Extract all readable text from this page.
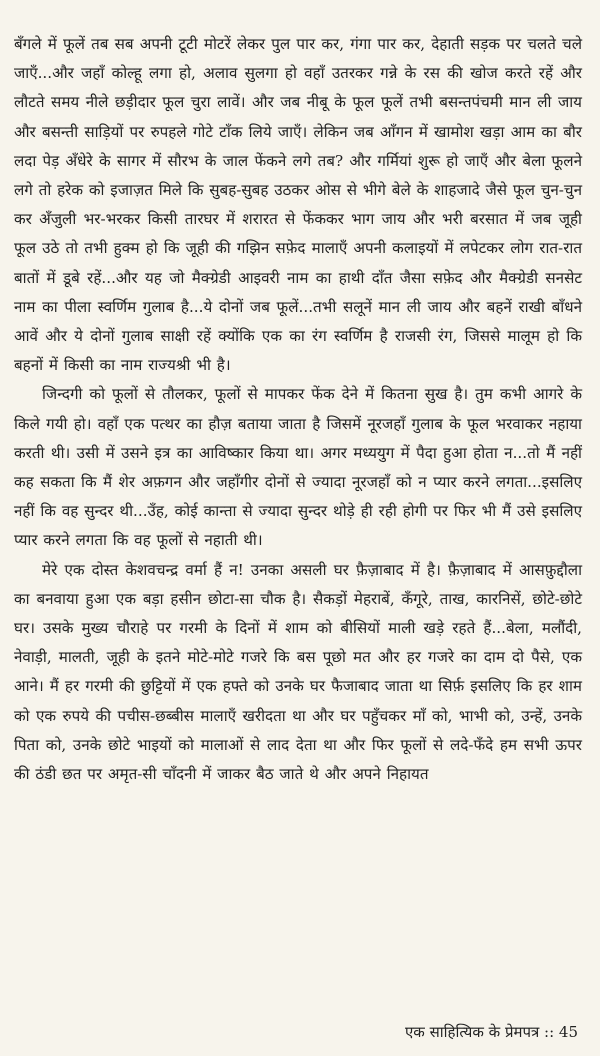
बँगले में फूलें तब सब अपनी टूटी मोटरें लेकर पुल पार कर, गंगा पार कर, देहाती सड़क पर चलते चले जाएँ...और जहाँ कोल्हू लगा हो, अलाव सुलगा हो वहाँ उतरकर गन्ने के रस की खोज करते रहें और लौटते समय नीले छड़ीदार फूल चुरा लावें। और जब नीबू के फूल फूलें तभी बसन्तपंचमी मान ली जाय और बसन्ती साड़ियों पर रुपहले गोटे टाँक लिये जाएँ। लेकिन जब आँगन में खामोश खड़ा आम का बौर लदा पेड़ अँधेरे के सागर में सौरभ के जाल फेंकने लगे तब? और गर्मियां शुरू हो जाएँ और बेला फूलने लगे तो हरेक को इजाज़त मिले कि सुबह-सुबह उठकर ओस से भीगे बेले के शाहजादे जैसे फूल चुन-चुन कर अँजुली भर-भरकर किसी तारघर में शरारत से फेंककर भाग जाय और भरी बरसात में जब जूही फूल उठे तो तभी हुक्म हो कि जूही की गझिन सफ़ेद मालाएँ अपनी कलाइयों में लपेटकर लोग रात-रात बातों में डूबे रहें...और यह जो मैक्ग्रेडी आइवरी नाम का हाथी दाँत जैसा सफ़ेद और मैक्ग्रेडी सनसेट नाम का पीला स्वर्णिम गुलाब है...ये दोनों जब फूलें...तभी सलूनें मान ली जाय और बहनें राखी बाँधने आवें और ये दोनों गुलाब साक्षी रहें क्योंकि एक का रंग स्वर्णिम है राजसी रंग, जिससे मालूम हो कि बहनों में किसी का नाम राज्यश्री भी है।

जिन्दगी को फूलों से तौलकर, फूलों से मापकर फेंक देने में कितना सुख है। तुम कभी आगरे के किले गयी हो। वहाँ एक पत्थर का हौज़ बताया जाता है जिसमें नूरजहाँ गुलाब के फूल भरवाकर नहाया करती थी। उसी में उसने इत्र का आविष्कार किया था। अगर मध्ययुग में पैदा हुआ होता न...तो मैं नहीं कह सकता कि मैं शेर अफ़गन और जहाँगीर दोनों से ज्यादा नूरजहाँ को न प्यार करने लगता...इसलिए नहीं कि वह सुन्दर थी...उँह, कोई कान्ता से ज्यादा सुन्दर थोड़े ही रही होगी पर फिर भी मैं उसे इसलिए प्यार करने लगता कि वह फूलों से नहाती थी।

मेरे एक दोस्त केशवचन्द्र वर्मा हैं न! उनका असली घर फ़ैज़ाबाद में है। फ़ैज़ाबाद में आसफ़ुद्दौला का बनवाया हुआ एक बड़ा हसीन छोटा-सा चौक है। सैकड़ों मेहराबें, कँगूरे, ताख, कारनिसें, छोटे-छोटे घर। उसके मुख्य चौराहे पर गरमी के दिनों में शाम को बीसियों माली खड़े रहते हैं...बेला, मलौंदी, नेवाड़ी, मालती, जूही के इतने मोटे-मोटे गजरे कि बस पूछो मत और हर गजरे का दाम दो पैसे, एक आने। मैं हर गरमी की छुट्टियों में एक हफ्ते को उनके घर फैजाबाद जाता था सिर्फ़ इसलिए कि हर शाम को एक रुपये की पचीस-छब्बीस मालाएँ खरीदता था और घर पहुँचकर माँ को, भाभी को, उन्हें, उनके पिता को, उनके छोटे भाइयों को मालाओं से लाद देता था और फिर फूलों से लदे-फँदे हम सभी ऊपर की ठंडी छत पर अमृत-सी चाँदनी में जाकर बैठ जाते थे और अपने निहायत

एक साहित्यिक के प्रेमपत्र :: 45
